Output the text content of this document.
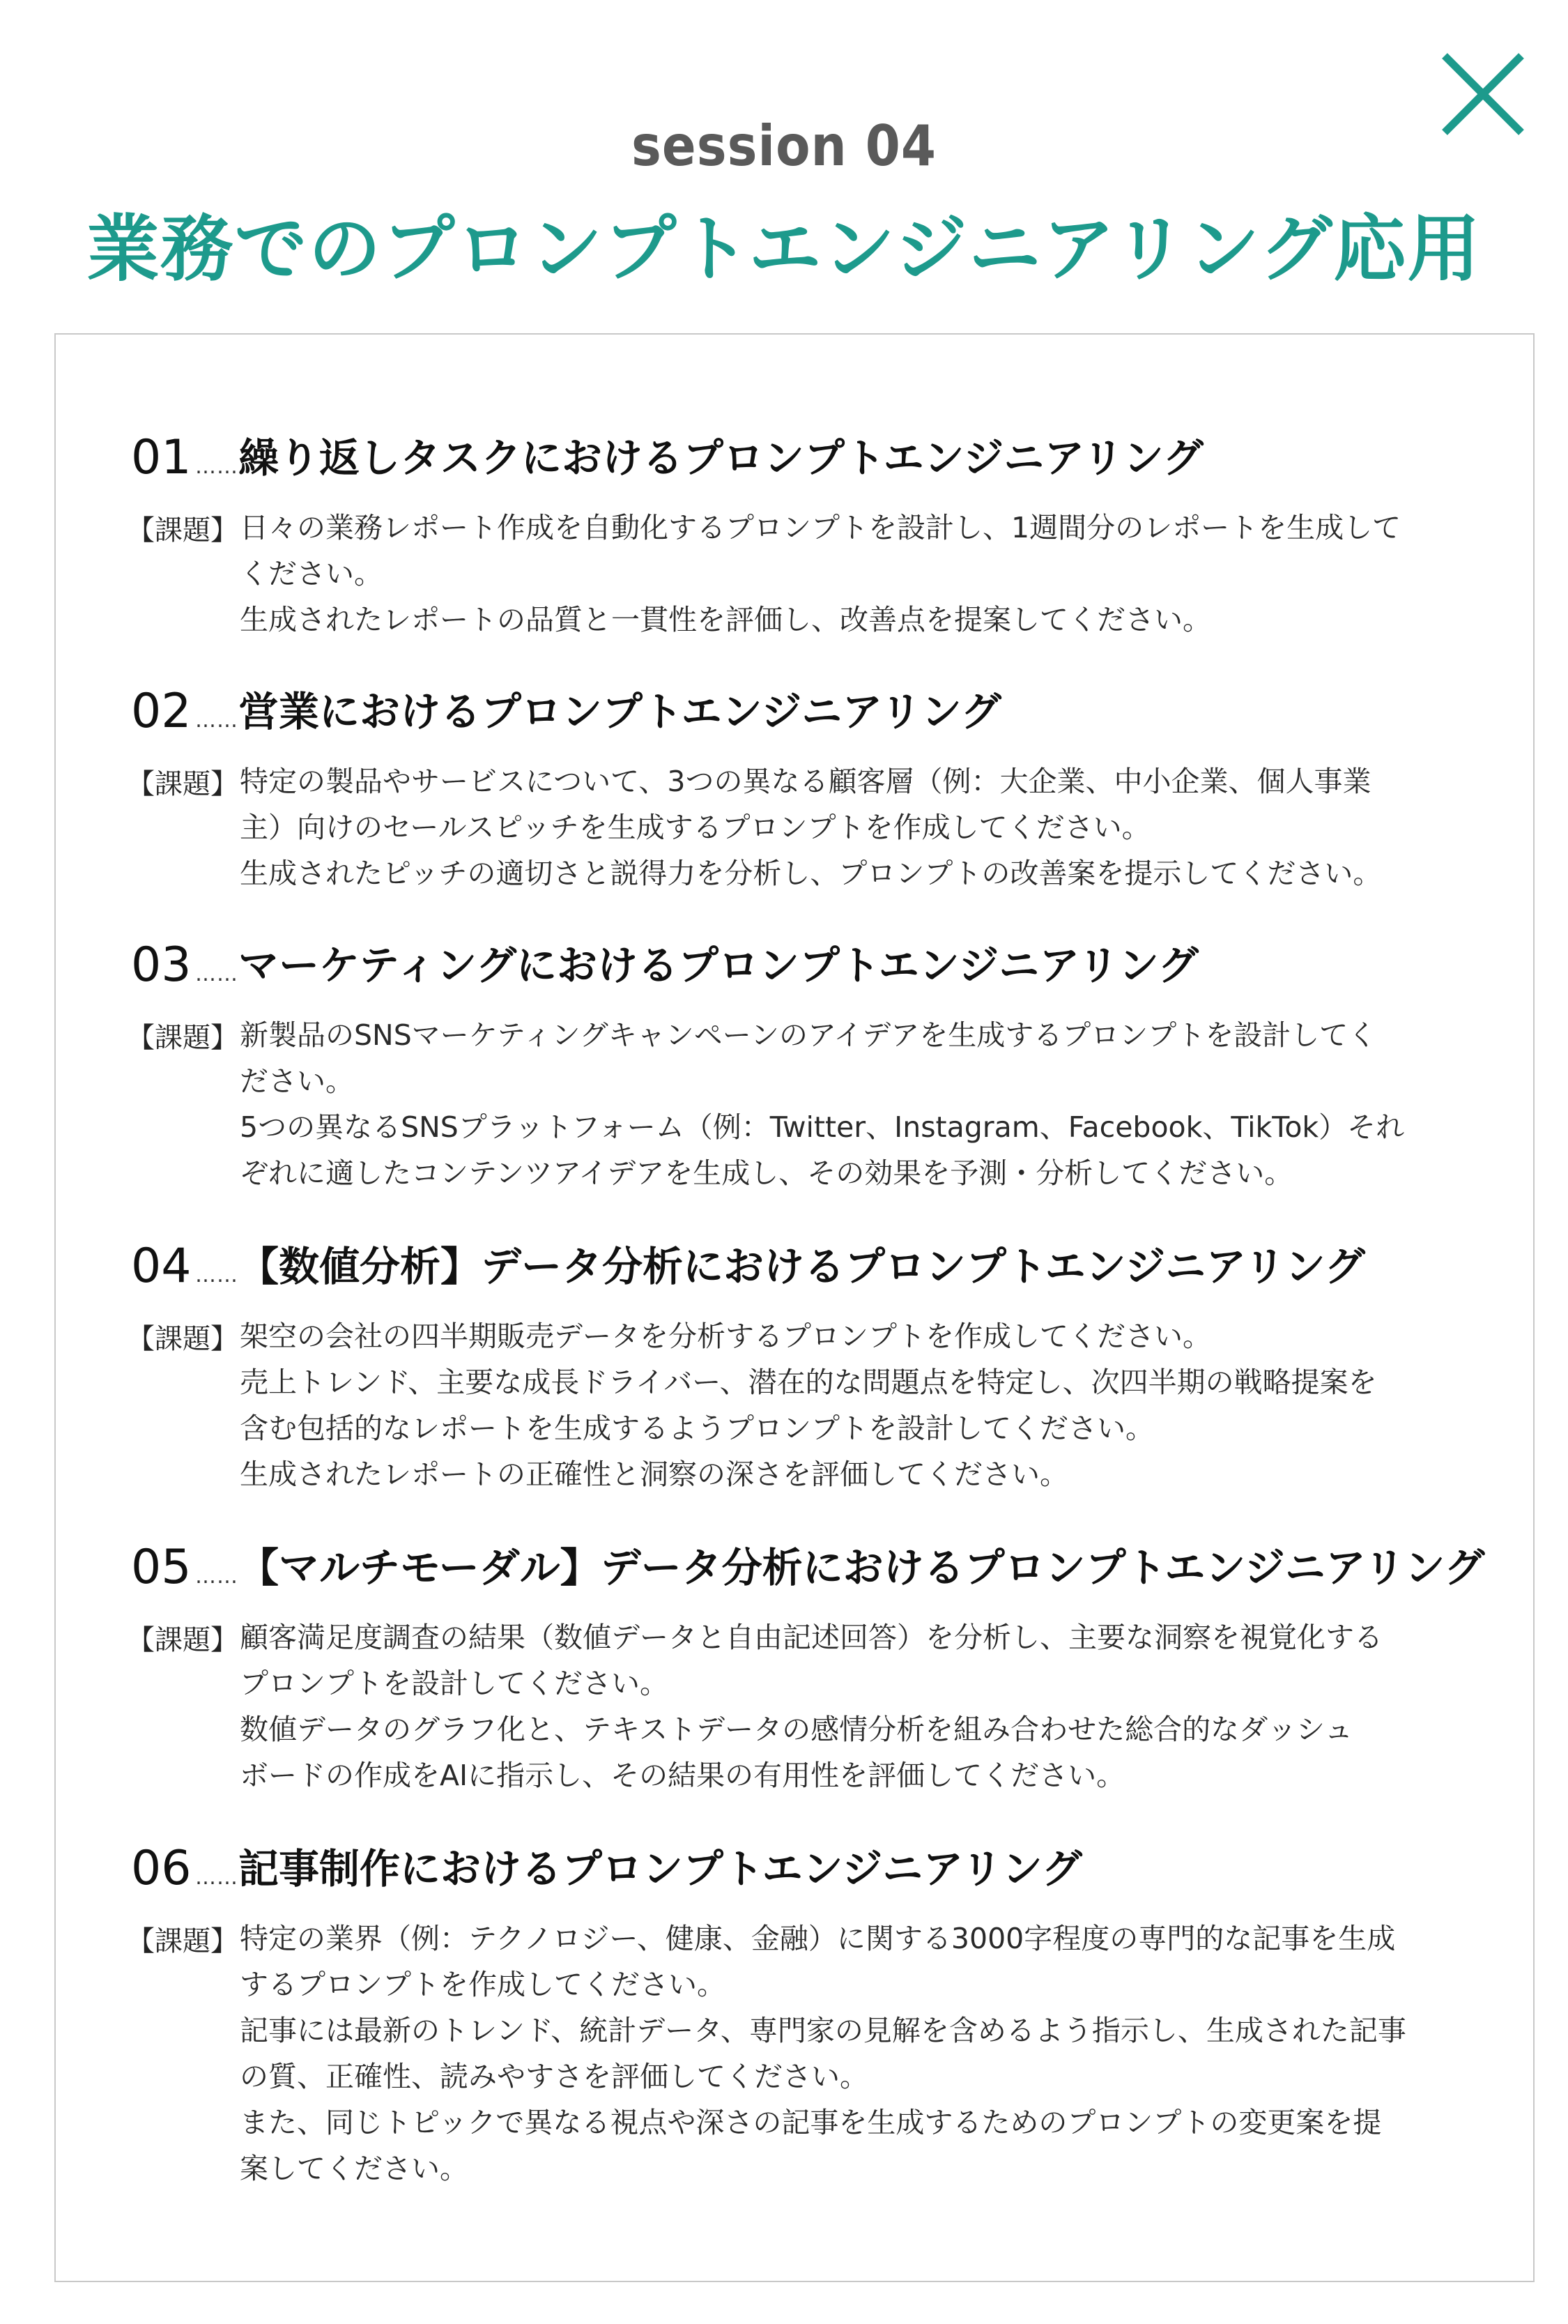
session 04
業務でのプロンプトエンジニアリング応用
01 …… 繰り返しタスクにおけるプロンプトエンジニアリング
【課題】 日々の業務レポート作成を自動化するプロンプトを設計し、1週間分のレポートを生成して

ください。

生成されたレポートの品質と一貫性を評価し、改善点を提案してください。

02 …… 営業におけるプロンプトエンジニアリング
【課題】 特定の製品やサービスについて、3つの異なる顧客層（例：大企業、中小企業、個人事業

主）向けのセールスピッチを生成するプロンプトを作成してください。

生成されたピッチの適切さと説得力を分析し、プロンプトの改善案を提示してください。

03 …… マーケティングにおけるプロンプトエンジニアリング
【課題】 新製品のSNSマーケティングキャンペーンのアイデアを生成するプロンプトを設計してく

ださい。

5つの異なるSNSプラットフォーム（例：Twitter、Instagram、Facebook、TikTok）それ

ぞれに適したコンテンツアイデアを生成し、その効果を予測・分析してください。

04 …… 【数値分析】データ分析におけるプロンプトエンジニアリング
【課題】 架空の会社の四半期販売データを分析するプロンプトを作成してください。

売上トレンド、主要な成長ドライバー、潜在的な問題点を特定し、次四半期の戦略提案を

含む包括的なレポートを生成するようプロンプトを設計してください。

生成されたレポートの正確性と洞察の深さを評価してください。

05 …… 【マルチモーダル】データ分析におけるプロンプトエンジニアリング
【課題】 顧客満足度調査の結果（数値データと自由記述回答）を分析し、主要な洞察を視覚化する

プロンプトを設計してください。

数値データのグラフ化と、テキストデータの感情分析を組み合わせた総合的なダッシュ

ボードの作成をAIに指示し、その結果の有用性を評価してください。

06 …… 記事制作におけるプロンプトエンジニアリング
【課題】 特定の業界（例：テクノロジー、健康、金融）に関する3000字程度の専門的な記事を生成

するプロンプトを作成してください。

記事には最新のトレンド、統計データ、専門家の見解を含めるよう指示し、生成された記事

の質、正確性、読みやすさを評価してください。

また、同じトピックで異なる視点や深さの記事を生成するためのプロンプトの変更案を提

案してください。
